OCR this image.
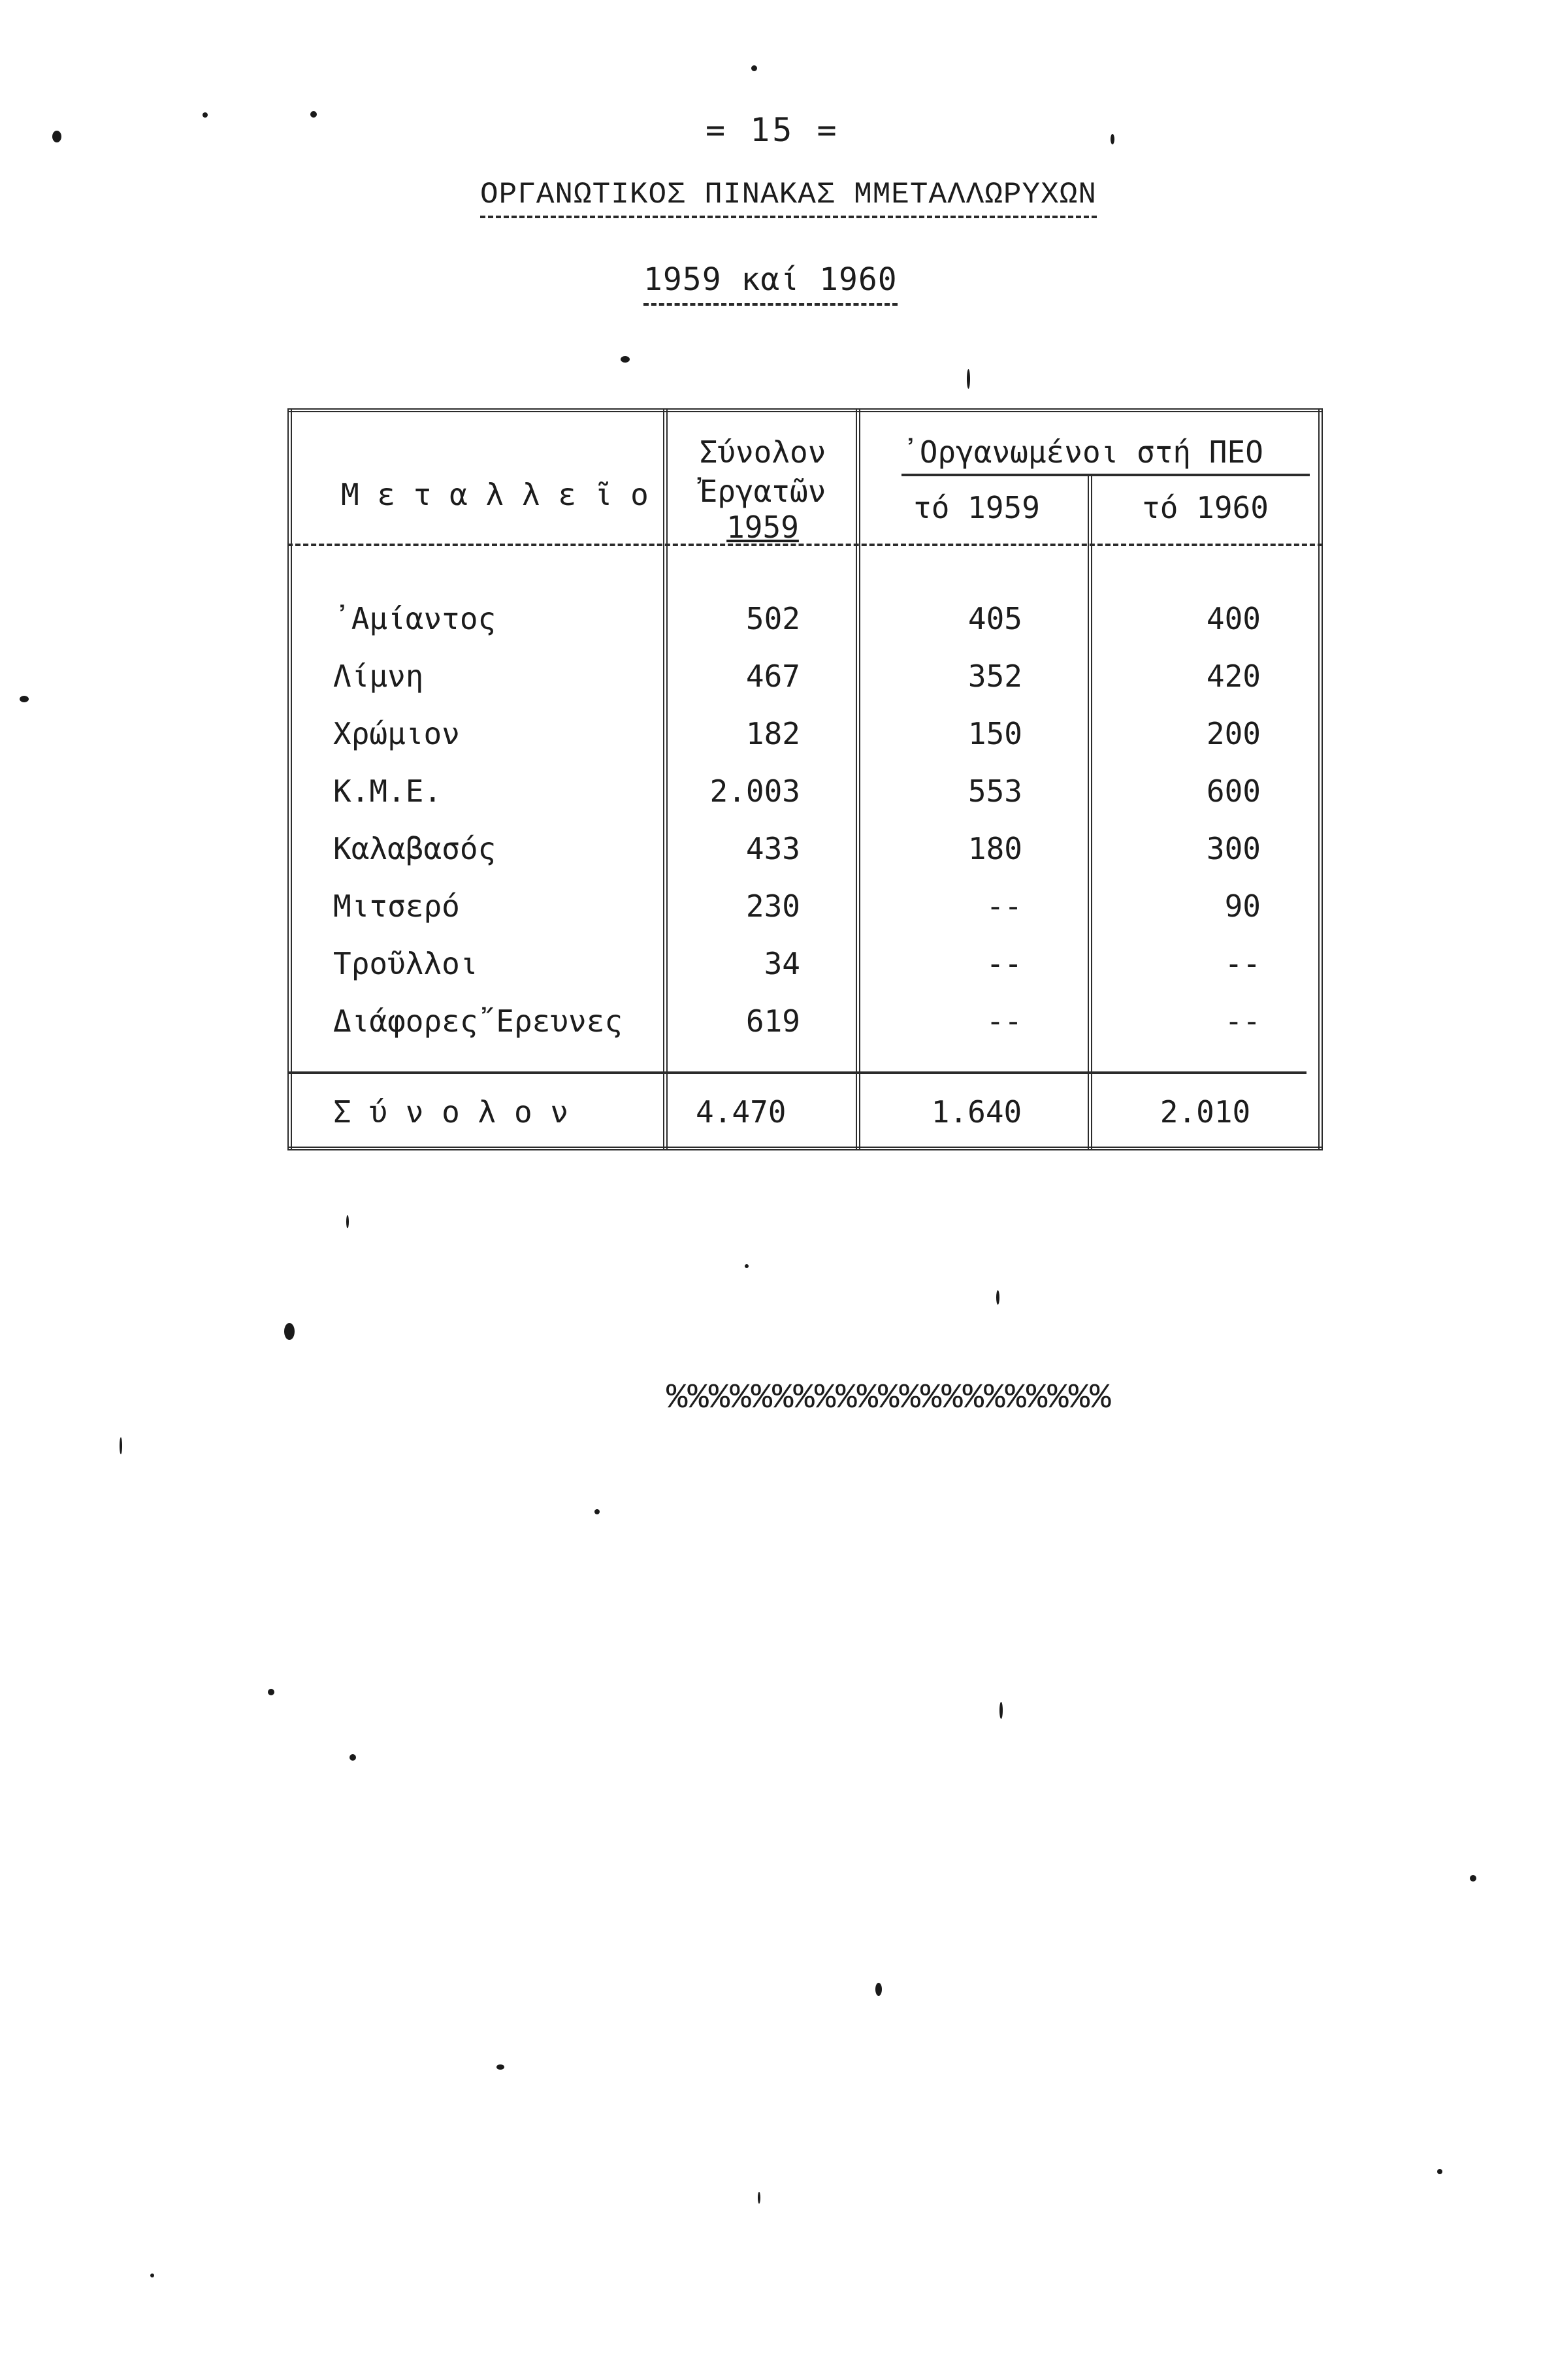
= 15 =
ΟΡΓΑΝΩΤΙΚΟΣ ΠΙΝΑΚΑΣ ΜΜΕΤΑΛΛΩΡΥΧΩΝ
1959 καί 1960
Μ ε τ α λ λ ε ῖ ο
Σύνολον
Ἐργατῶν
1959
᾽Οργανωμένοι στή ΠΕΟ
τό 1959	τό 1960
᾽Αμίαντος	502	405	400
Λίμνη	467	352	420
Χρώμιον	182	150	200
Κ.Μ.Ε.	2.003	553	600
Καλαβασός	433	180	300
Μιτσερό	230	--	90
Τροῦλλοι	34	--	--
Διάφορες῎Ερευνες	619	--	--
Σ ύ ν ο λ ο ν	4.470	1.640	2.010
%%%%%%%%%%%%%%%%%%%%%
